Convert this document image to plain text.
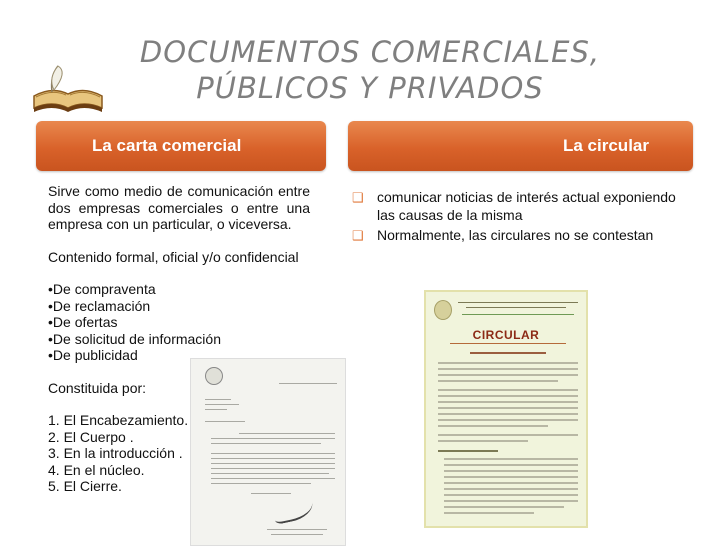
DOCUMENTOS COMERCIALES,
PÚBLICOS Y PRIVADOS
La carta comercial	La circular
Sirve como medio de comunicación entre dos empresas comerciales o entre una empresa con un particular, o viceversa.
Contenido formal, oficial y/o confidencial
•De compraventa
•De reclamación
•De ofertas
•De solicitud de información
•De publicidad
Constituida por:
1. El Encabezamiento.
2. El Cuerpo .
3. En la introducción .
4. En el núcleo.
5. El Cierre.
❑ comunicar noticias de interés actual exponiendo las causas de la misma
❑ Normalmente, las circulares no se contestan
CIRCULAR
